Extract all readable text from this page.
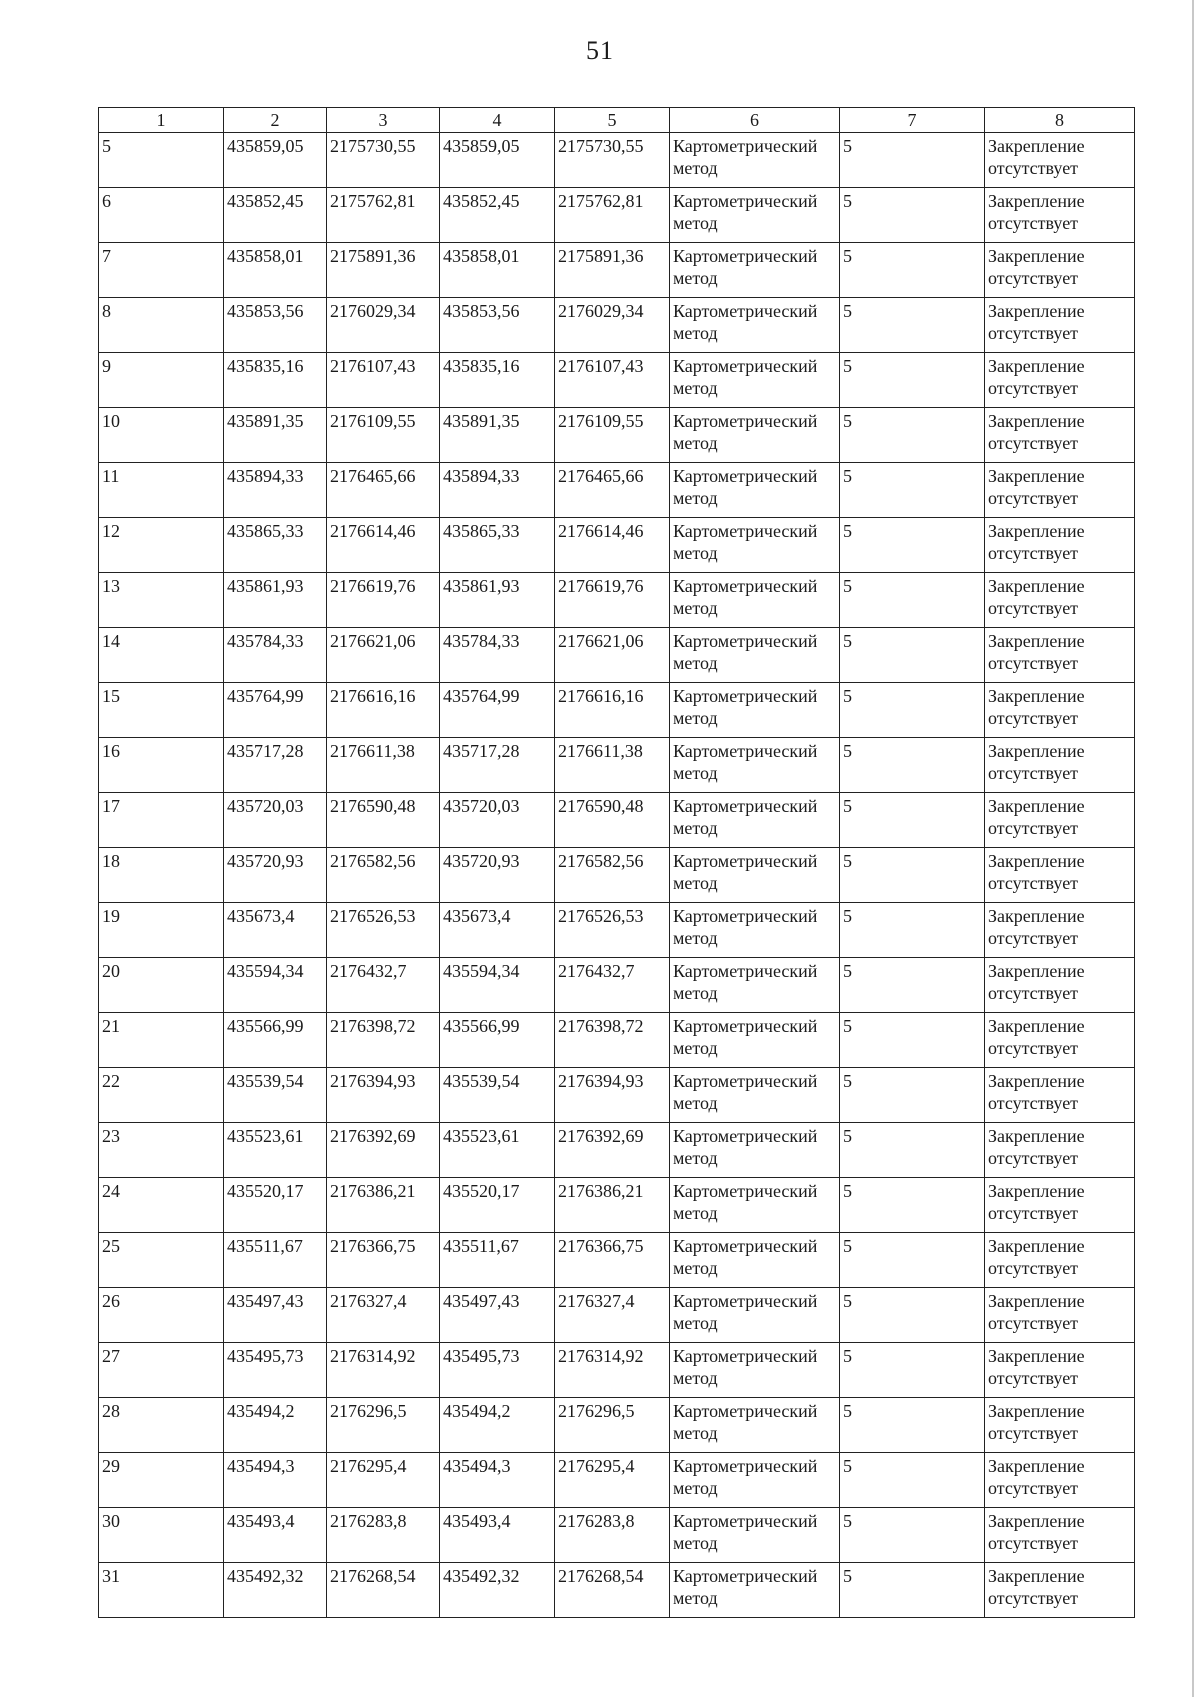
51
1	2	3	4	5	6	7	8
5	435859,05	2175730,55	435859,05	2175730,55	Картометрический метод	5	Закрепление отсутствует
6	435852,45	2175762,81	435852,45	2175762,81	Картометрический метод	5	Закрепление отсутствует
7	435858,01	2175891,36	435858,01	2175891,36	Картометрический метод	5	Закрепление отсутствует
8	435853,56	2176029,34	435853,56	2176029,34	Картометрический метод	5	Закрепление отсутствует
9	435835,16	2176107,43	435835,16	2176107,43	Картометрический метод	5	Закрепление отсутствует
10	435891,35	2176109,55	435891,35	2176109,55	Картометрический метод	5	Закрепление отсутствует
11	435894,33	2176465,66	435894,33	2176465,66	Картометрический метод	5	Закрепление отсутствует
12	435865,33	2176614,46	435865,33	2176614,46	Картометрический метод	5	Закрепление отсутствует
13	435861,93	2176619,76	435861,93	2176619,76	Картометрический метод	5	Закрепление отсутствует
14	435784,33	2176621,06	435784,33	2176621,06	Картометрический метод	5	Закрепление отсутствует
15	435764,99	2176616,16	435764,99	2176616,16	Картометрический метод	5	Закрепление отсутствует
16	435717,28	2176611,38	435717,28	2176611,38	Картометрический метод	5	Закрепление отсутствует
17	435720,03	2176590,48	435720,03	2176590,48	Картометрический метод	5	Закрепление отсутствует
18	435720,93	2176582,56	435720,93	2176582,56	Картометрический метод	5	Закрепление отсутствует
19	435673,4	2176526,53	435673,4	2176526,53	Картометрический метод	5	Закрепление отсутствует
20	435594,34	2176432,7	435594,34	2176432,7	Картометрический метод	5	Закрепление отсутствует
21	435566,99	2176398,72	435566,99	2176398,72	Картометрический метод	5	Закрепление отсутствует
22	435539,54	2176394,93	435539,54	2176394,93	Картометрический метод	5	Закрепление отсутствует
23	435523,61	2176392,69	435523,61	2176392,69	Картометрический метод	5	Закрепление отсутствует
24	435520,17	2176386,21	435520,17	2176386,21	Картометрический метод	5	Закрепление отсутствует
25	435511,67	2176366,75	435511,67	2176366,75	Картометрический метод	5	Закрепление отсутствует
26	435497,43	2176327,4	435497,43	2176327,4	Картометрический метод	5	Закрепление отсутствует
27	435495,73	2176314,92	435495,73	2176314,92	Картометрический метод	5	Закрепление отсутствует
28	435494,2	2176296,5	435494,2	2176296,5	Картометрический метод	5	Закрепление отсутствует
29	435494,3	2176295,4	435494,3	2176295,4	Картометрический метод	5	Закрепление отсутствует
30	435493,4	2176283,8	435493,4	2176283,8	Картометрический метод	5	Закрепление отсутствует
31	435492,32	2176268,54	435492,32	2176268,54	Картометрический метод	5	Закрепление отсутствует
